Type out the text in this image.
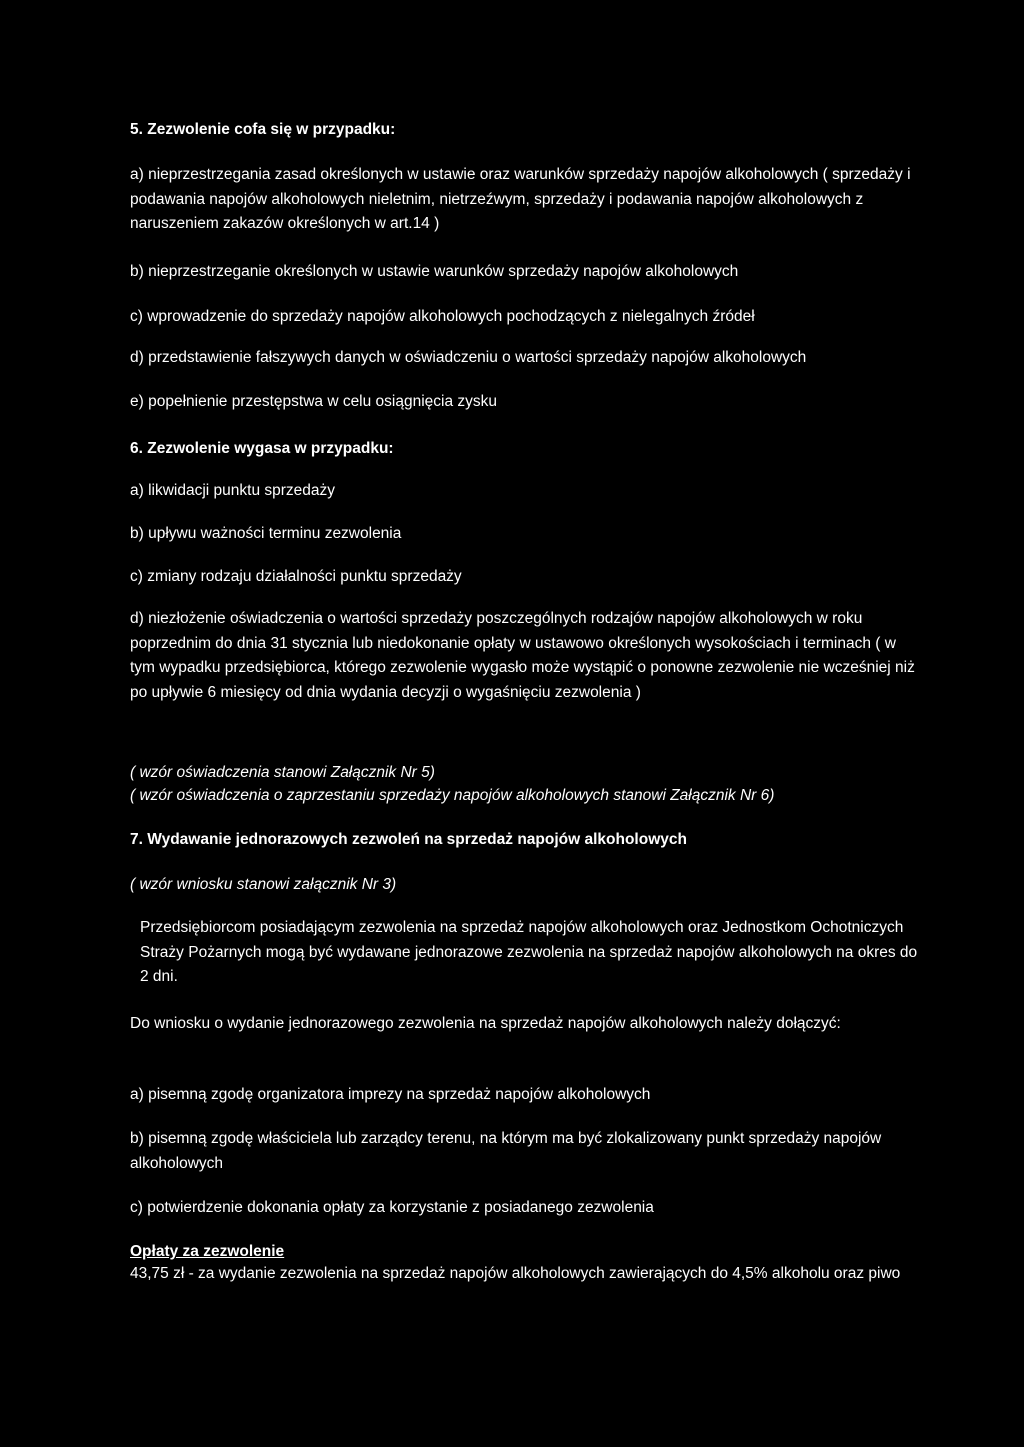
5. Zezwolenie cofa się w przypadku:
a) nieprzestrzegania zasad określonych w ustawie oraz warunków sprzedaży napojów alkoholowych ( sprzedaży i podawania napojów alkoholowych nieletnim, nietrzeźwym, sprzedaży i podawania napojów alkoholowych z naruszeniem zakazów określonych w art.14 )
b) nieprzestrzeganie określonych w ustawie warunków sprzedaży napojów alkoholowych
c) wprowadzenie do sprzedaży napojów alkoholowych pochodzących z nielegalnych źródeł
d) przedstawienie fałszywych danych w oświadczeniu o wartości sprzedaży napojów alkoholowych
e) popełnienie przestępstwa w celu osiągnięcia zysku
6. Zezwolenie wygasa w przypadku:
a) likwidacji punktu sprzedaży
b) upływu ważności terminu zezwolenia
c) zmiany rodzaju działalności punktu sprzedaży
d) niezłożenie oświadczenia o wartości sprzedaży poszczególnych rodzajów napojów alkoholowych w roku poprzednim do dnia 31 stycznia lub niedokonanie opłaty w ustawowo określonych wysokościach i terminach ( w tym wypadku przedsiębiorca, którego zezwolenie wygasło może wystąpić o ponowne zezwolenie nie wcześniej niż po upływie 6 miesięcy od dnia wydania decyzji o wygaśnięciu zezwolenia )
( wzór oświadczenia stanowi Załącznik Nr 5)
( wzór oświadczenia o zaprzestaniu sprzedaży napojów alkoholowych stanowi Załącznik Nr 6)
7. Wydawanie jednorazowych zezwoleń na sprzedaż napojów alkoholowych
( wzór wniosku stanowi załącznik Nr 3)
Przedsiębiorcom posiadającym zezwolenia na sprzedaż napojów alkoholowych oraz Jednostkom Ochotniczych Straży Pożarnych mogą być wydawane jednorazowe zezwolenia na sprzedaż napojów alkoholowych na okres do 2 dni.
Do wniosku o wydanie jednorazowego zezwolenia na sprzedaż napojów alkoholowych należy dołączyć:
a) pisemną zgodę organizatora imprezy na sprzedaż napojów alkoholowych
b) pisemną zgodę właściciela lub zarządcy terenu, na którym ma być zlokalizowany punkt sprzedaży napojów alkoholowych
c) potwierdzenie dokonania opłaty za korzystanie z posiadanego zezwolenia
Opłaty za zezwolenie
43,75 zł - za wydanie zezwolenia na sprzedaż napojów alkoholowych zawierających do 4,5% alkoholu oraz piwo
